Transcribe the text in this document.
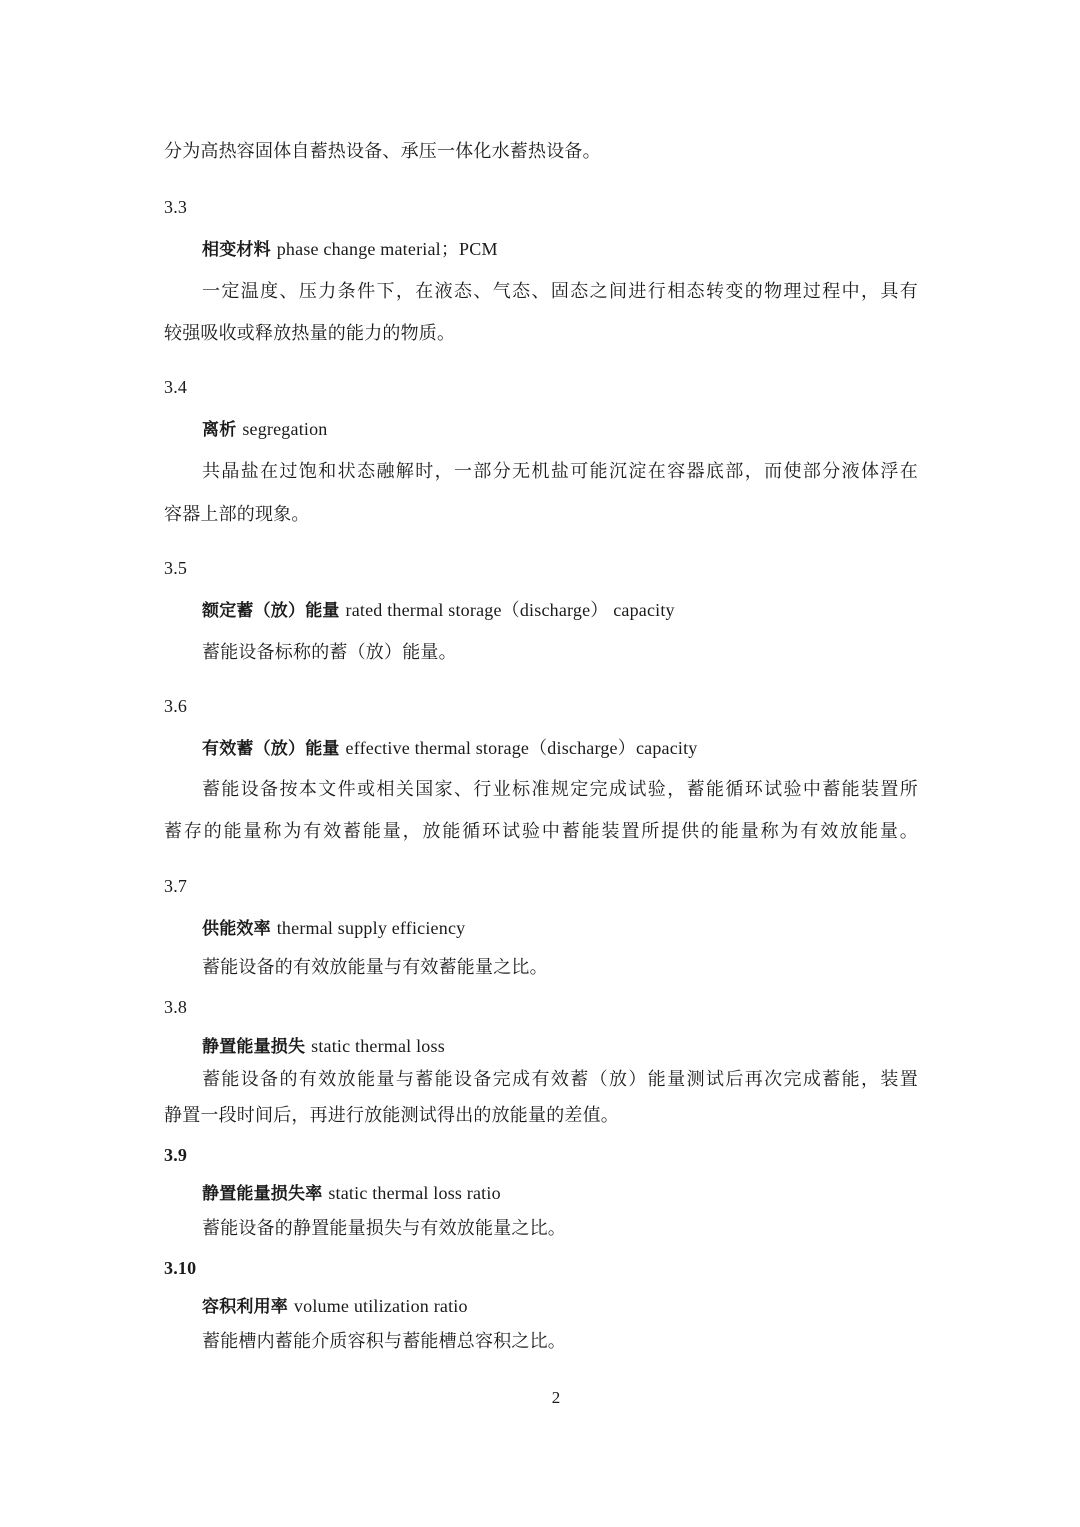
分为高热容固体自蓄热设备、承压一体化水蓄热设备。
3.3
相变材料 phase change material；PCM
一定温度、压力条件下，在液态、气态、固态之间进行相态转变的物理过程中，具有
较强吸收或释放热量的能力的物质。
3.4
离析 segregation
共晶盐在过饱和状态融解时，一部分无机盐可能沉淀在容器底部，而使部分液体浮在
容器上部的现象。
3.5
额定蓄（放）能量 rated thermal storage（discharge） capacity
蓄能设备标称的蓄（放）能量。
3.6
有效蓄（放）能量 effective thermal storage（discharge）capacity
蓄能设备按本文件或相关国家、行业标准规定完成试验，蓄能循环试验中蓄能装置所
蓄存的能量称为有效蓄能量，放能循环试验中蓄能装置所提供的能量称为有效放能量。
3.7
供能效率 thermal supply efficiency
蓄能设备的有效放能量与有效蓄能量之比。
3.8
静置能量损失 static thermal loss
蓄能设备的有效放能量与蓄能设备完成有效蓄（放）能量测试后再次完成蓄能，装置
静置一段时间后，再进行放能测试得出的放能量的差值。
3.9
静置能量损失率 static thermal loss ratio
蓄能设备的静置能量损失与有效放能量之比。
3.10
容积利用率 volume utilization ratio
蓄能槽内蓄能介质容积与蓄能槽总容积之比。
2
